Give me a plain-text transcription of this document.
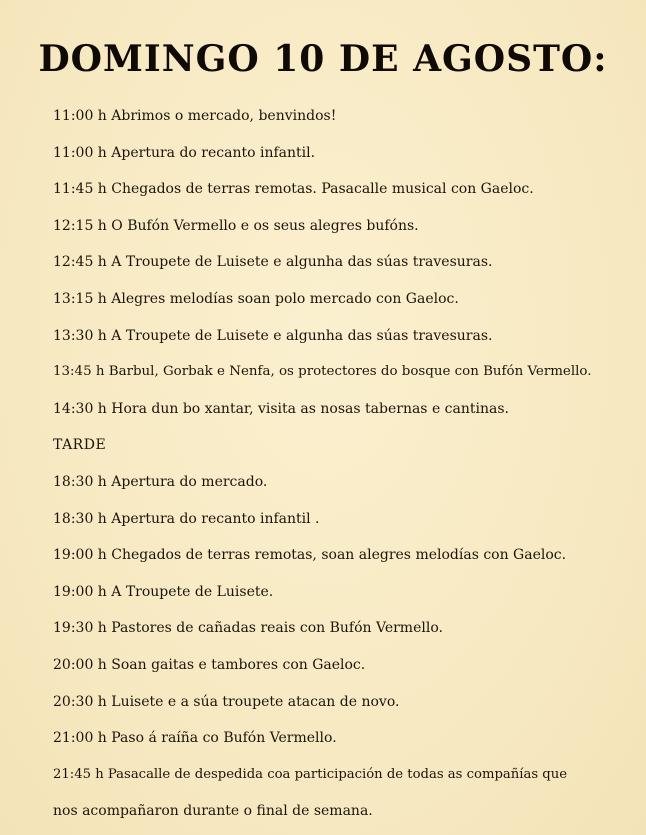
DOMINGO 10 DE AGOSTO:
11:00 h Abrimos o mercado, benvindos!
11:00 h Apertura do recanto infantil.
11:45 h Chegados de terras remotas. Pasacalle musical con Gaeloc.
12:15 h O Bufón Vermello e os seus alegres bufóns.
12:45 h A Troupete de Luisete e algunha das súas travesuras.
13:15 h Alegres melodías soan polo mercado con Gaeloc.
13:30 h A Troupete de Luisete e algunha das súas travesuras.
13:45 h Barbul, Gorbak e Nenfa, os protectores do bosque con Bufón Vermello.
14:30 h Hora dun bo xantar, visita as nosas tabernas e cantinas.
TARDE
18:30 h Apertura do mercado.
18:30 h Apertura do recanto infantil .
19:00 h Chegados de terras remotas, soan alegres melodías con Gaeloc.
19:00 h A Troupete de Luisete.
19:30 h Pastores de cañadas reais con Bufón Vermello.
20:00 h Soan gaitas e tambores con Gaeloc.
20:30 h Luisete e a súa troupete atacan de novo.
21:00 h Paso á raíña co Bufón Vermello.
21:45 h Pasacalle de despedida coa participación de todas as compañías que
nos acompañaron durante o final de semana.
